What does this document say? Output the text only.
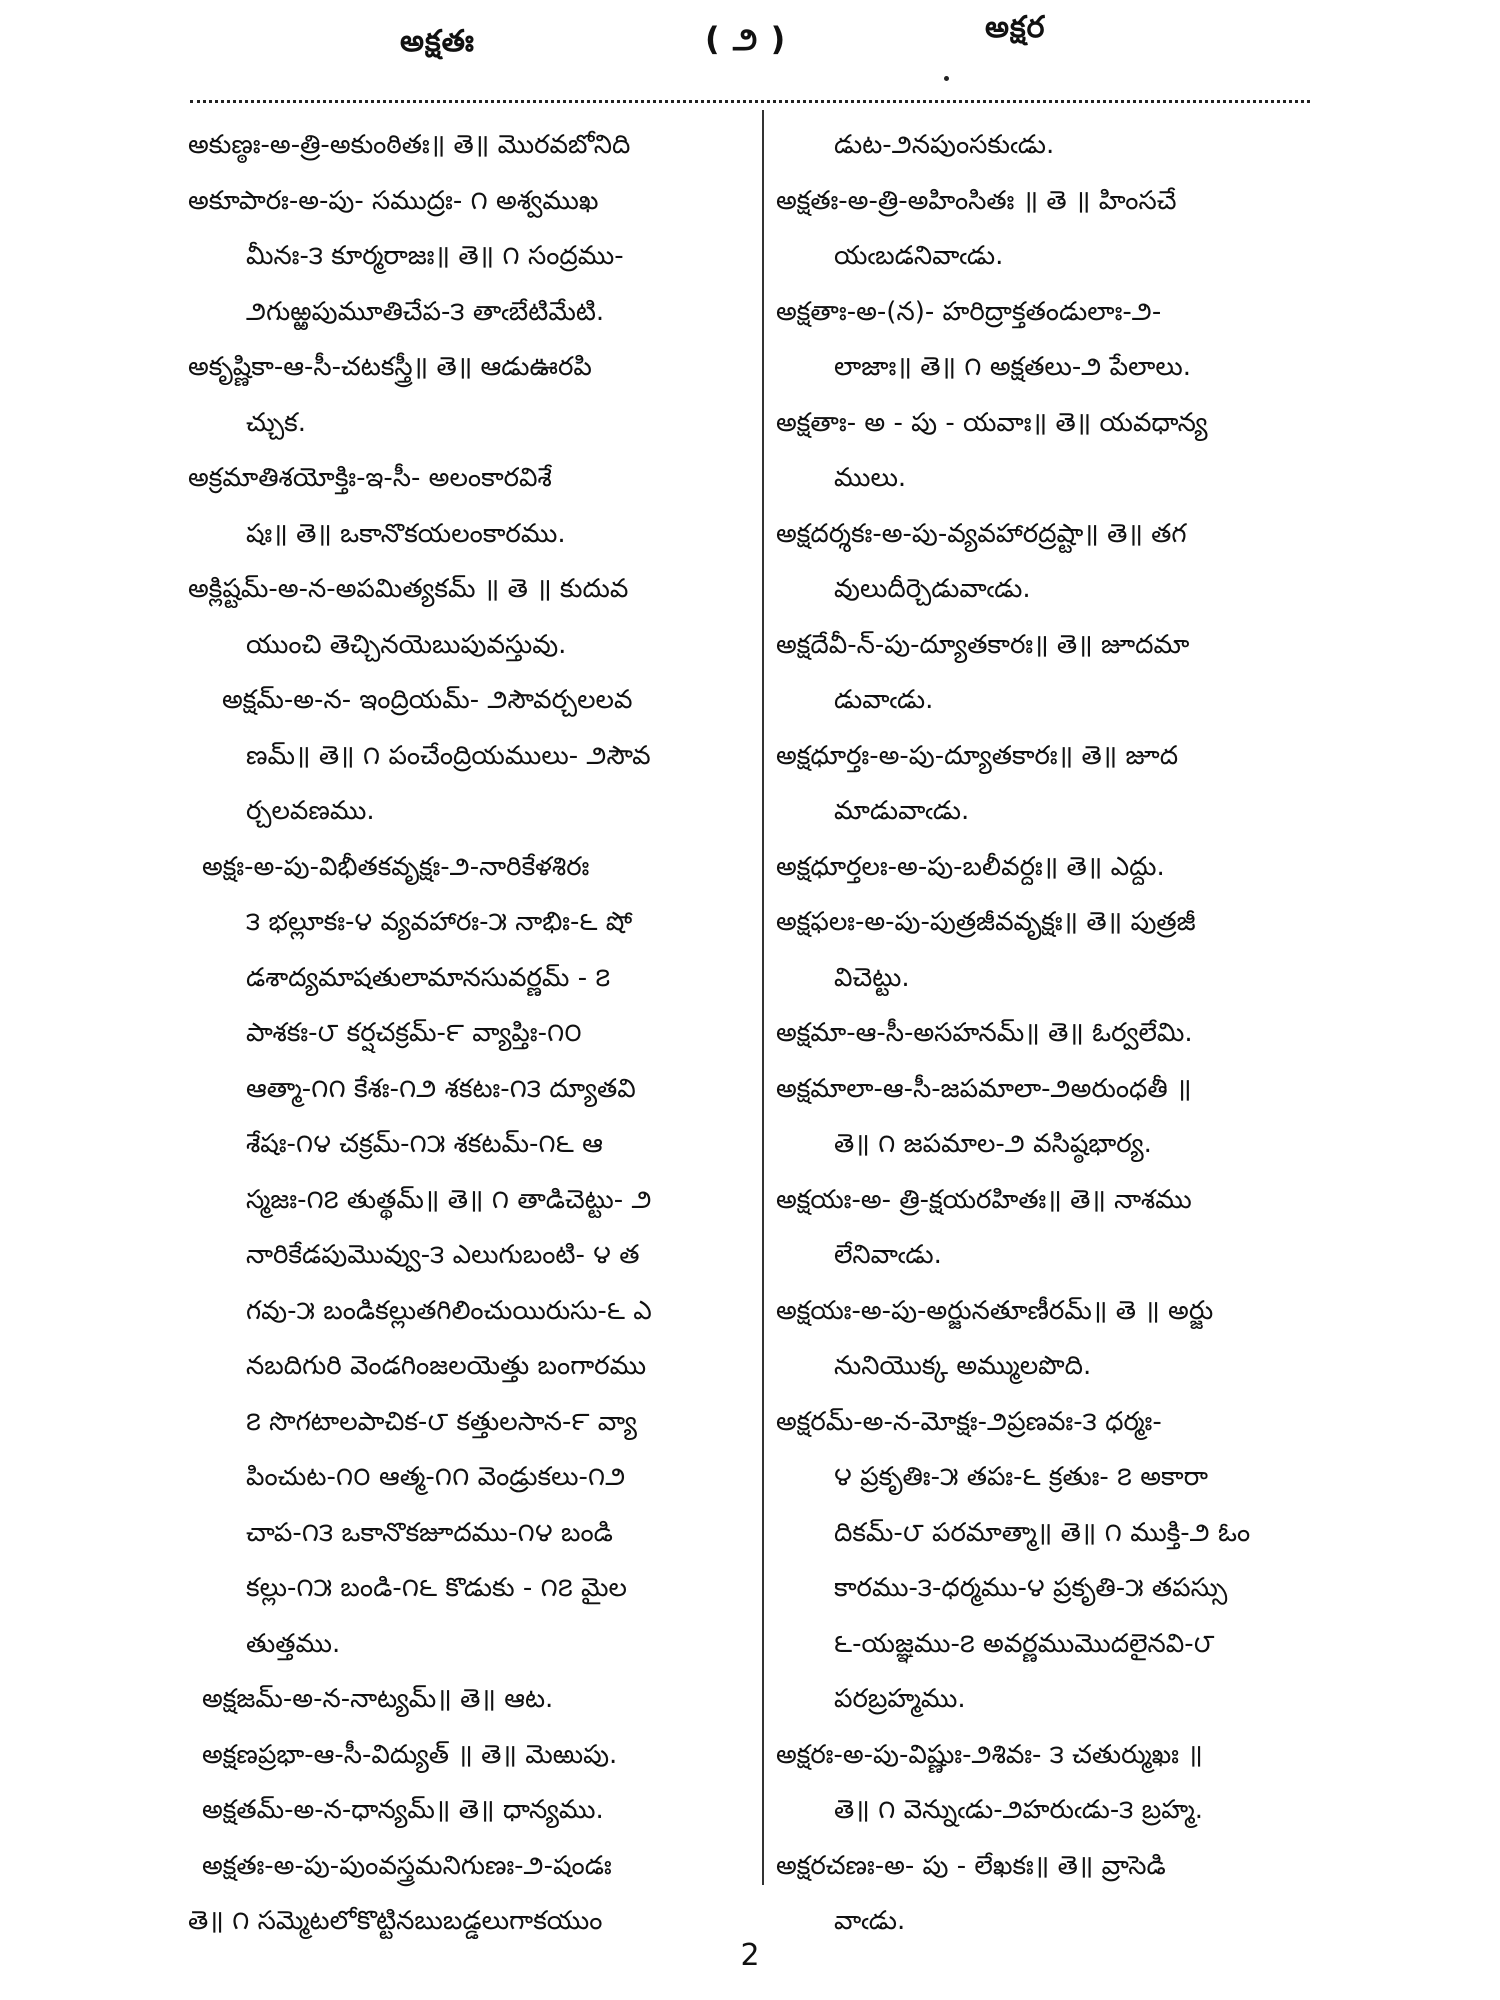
అక్షతః	( ౨ )	అక్షర
అకుణ్ఠః-అ-త్రి-అకుంఠితః॥ తె॥ మొరవబోనిది
అకూపారః-అ-పు- సముద్రః- ౧ అశ్వముఖ
మీనః-౩ కూర్మరాజః॥ తె॥ ౧ సంద్రము-
౨గుఱ్ఱపుమూతిచేప-౩ తాఁబేటిమేటి.
అకృష్ణికా-ఆ-సీ-చటకస్త్రీ॥ తె॥ ఆడుఊరపి
చ్చుక.
అక్రమాతిశయోక్తిః-ఇ-సీ- అలంకారవిశే
షః॥ తె॥ ఒకానొకయలంకారము.
అక్లిష్టమ్-అ-న-అపమిత్యకమ్ ॥ తె ॥ కుదువ
యుంచి తెచ్చినయెబుపువస్తువు.
అక్షమ్-అ-న- ఇంద్రియమ్- ౨సౌవర్చలలవ
ణమ్॥ తె॥ ౧ పంచేంద్రియములు- ౨సౌవ
ర్చలవణము.
అక్షః-అ-పు-విభీతకవృక్షః-౨-నారికేళశిరః
౩ భల్లూకః-౪ వ్యవహారః-౫ నాభిః-౬ షో
డశాద్యమాషతులామానసువర్ణమ్ - ౭
పాశకః-౮ కర్షచక్రమ్-౯ వ్యాప్తిః-౧౦
ఆత్మా-౧౧ కేశః-౧౨ శకటః-౧౩ ద్యూతవి
శేషః-౧౪ చక్రమ్-౧౫ శకటమ్-౧౬ ఆ
స్మజః-౧౭ తుత్థమ్॥ తె॥ ౧ తాడిచెట్టు- ౨
నారికేడపుమొవ్వు-౩ ఎలుగుబంటి- ౪ త
గవు-౫ బండికల్లుతగిలించుయిరుసు-౬ ఎ
నబదిగురి వెండగింజలయెత్తు బంగారము
౭ సొగటాలపాచిక-౮ కత్తులసాన-౯ వ్యా
పించుట-౧౦ ఆత్మ-౧౧ వెండ్రుకలు-౧౨
చాప-౧౩ ఒకానొకజూదము-౧౪ బండి
కల్లు-౧౫ బండి-౧౬ కొడుకు - ౧౭ మైల
తుత్తము.
అక్షజమ్-అ-న-నాట్యమ్॥ తె॥ ఆట.
అక్షణప్రభా-ఆ-సీ-విద్యుత్ ॥ తె॥ మెఱుపు.
అక్షతమ్-అ-న-ధాన్యమ్॥ తె॥ ధాన్యము.
అక్షతః-అ-పు-పుంవస్త్రమనిగుణః-౨-షండః
తె॥ ౧ సమ్మెటలోకొట్టినబుబడ్డలుగాకయుం
డుట-౨నపుంసకుఁడు.
అక్షతః-అ-త్రి-అహింసితః ॥ తె ॥ హింసచే
యఁబడనివాఁడు.
అక్షతాః-అ-(న)- హరిద్రాక్తతండులాః-౨-
లాజాః॥ తె॥ ౧ అక్షతలు-౨ పేలాలు.
అక్షతాః- అ - పు - యవాః॥ తె॥ యవధాన్య
ములు.
అక్షదర్శకః-అ-పు-వ్యవహారద్రష్టా॥ తె॥ తగ
వులుదీర్చెడువాఁడు.
అక్షదేవీ-న్-పు-ద్యూతకారః॥ తె॥ జూదమా
డువాఁడు.
అక్షధూర్తః-అ-పు-ద్యూతకారః॥ తె॥ జూద
మాడువాఁడు.
అక్షధూర్తలః-అ-పు-బలీవర్దః॥ తె॥ ఎద్దు.
అక్షఫలః-అ-పు-పుత్రజీవవృక్షః॥ తె॥ పుత్రజీ
విచెట్టు.
అక్షమా-ఆ-సీ-అసహనమ్॥ తె॥ ఓర్వలేమి.
అక్షమాలా-ఆ-సీ-జపమాలా-౨అరుంధతీ ॥
తె॥ ౧ జపమాల-౨ వసిష్ఠభార్య.
అక్షయః-అ- త్రి-క్షయరహితః॥ తె॥ నాశము
లేనివాఁడు.
అక్షయః-అ-పు-అర్జునతూణీరమ్॥ తె ॥ అర్జు
నునియొక్క అమ్ములపొది.
అక్షరమ్-అ-న-మోక్షః-౨ప్రణవః-౩ ధర్మః-
౪ ప్రకృతిః-౫ తపః-౬ క్రతుః- ౭ అకారా
దికమ్-౮ పరమాత్మా॥ తె॥ ౧ ముక్తి-౨ ఓం
కారము-౩-ధర్మము-౪ ప్రకృతి-౫ తపస్సు
౬-యజ్ఞము-౭ అవర్ణముమొదలైనవి-౮
పరబ్రహ్మము.
అక్షరః-అ-పు-విష్ణుః-౨శివః- ౩ చతుర్ముఖః ॥
తె॥ ౧ వెన్నుఁడు-౨హరుఁడు-౩ బ్రహ్మ.
అక్షరచణః-అ- పు - లేఖకః॥ తె॥ వ్రాసెడి
వాఁడు.
2
